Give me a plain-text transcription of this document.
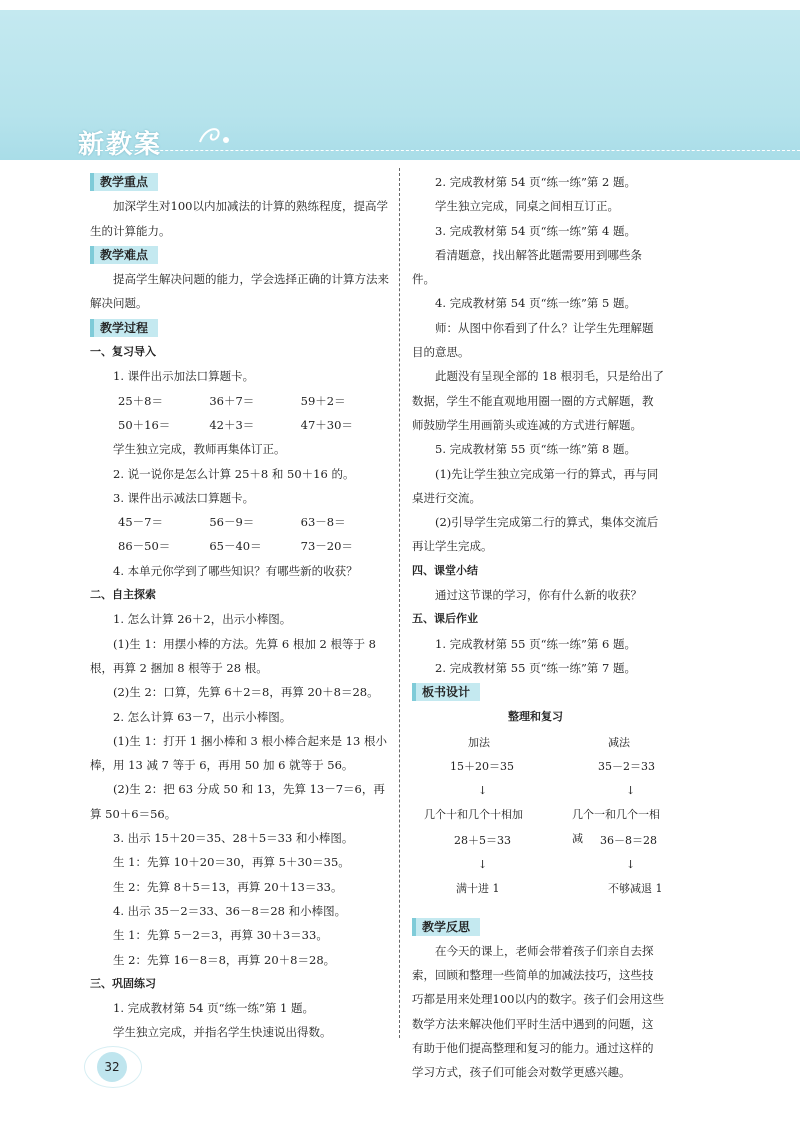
新教案
教学重点

加深学生对100以内加减法的计算的熟练程度，提高学生的计算能力。

教学难点

提高学生解决问题的能力，学会选择正确的计算方法来解决问题。

教学过程

一、复习导入

1. 课件出示加法口算题卡。

25＋8＝	36＋7＝	59＋2＝
50＋16＝	42＋3＝	47＋30＝

学生独立完成，教师再集体订正。

2. 说一说你是怎么计算 25＋8 和 50＋16 的。

3. 课件出示减法口算题卡。

45－7＝	56－9＝	63－8＝
86－50＝	65－40＝	73－20＝

4. 本单元你学到了哪些知识？有哪些新的收获？

二、自主探索

1. 怎么计算 26＋2，出示小棒图。

(1)生 1：用摆小棒的方法。先算 6 根加 2 根等于 8 根，再算 2 捆加 8 根等于 28 根。

(2)生 2：口算，先算 6＋2＝8，再算 20＋8＝28。

2. 怎么计算 63－7，出示小棒图。

(1)生 1：打开 1 捆小棒和 3 根小棒合起来是 13 根小棒，用 13 减 7 等于 6，再用 50 加 6 就等于 56。

(2)生 2：把 63 分成 50 和 13，先算 13－7＝6，再算 50＋6＝56。

3. 出示 15＋20＝35、28＋5＝33 和小棒图。

生 1：先算 10＋20＝30，再算 5＋30＝35。

生 2：先算 8＋5＝13，再算 20＋13＝33。

4. 出示 35－2＝33、36－8＝28 和小棒图。

生 1：先算 5－2＝3，再算 30＋3＝33。

生 2：先算 16－8＝8，再算 20＋8＝28。

三、巩固练习

1. 完成教材第 54 页“练一练”第 1 题。

学生独立完成，并指名学生快速说出得数。

2. 完成教材第 54 页“练一练”第 2 题。

学生独立完成，同桌之间相互订正。

3. 完成教材第 54 页“练一练”第 4 题。

看清题意，找出解答此题需要用到哪些条件。

4. 完成教材第 54 页“练一练”第 5 题。

师：从图中你看到了什么？让学生先理解题目的意思。

此题没有呈现全部的 18 根羽毛，只是给出了数据，学生不能直观地用圈一圈的方式解题，教师鼓励学生用画箭头或连减的方式进行解题。

5. 完成教材第 55 页“练一练”第 8 题。

(1)先让学生独立完成第一行的算式，再与同桌进行交流。

(2)引导学生完成第二行的算式，集体交流后再让学生完成。

四、课堂小结

通过这节课的学习，你有什么新的收获？

五、课后作业

1. 完成教材第 55 页“练一练”第 6 题。

2. 完成教材第 55 页“练一练”第 7 题。

板书设计
整理和复习
加法	减法
15＋20＝35	35－2＝33
↓	↓
几个十和几个十相加	几个一和几个一相减
28＋5＝33	36－8＝28
↓	↓
满十进 1	不够减退 1
教学反思

在今天的课上，老师会带着孩子们亲自去探索，回顾和整理一些简单的加减法技巧，这些技巧都是用来处理100以内的数字。孩子们会用这些数学方法来解决他们平时生活中遇到的问题，这有助于他们提高整理和复习的能力。通过这样的学习方式，孩子们可能会对数学更感兴趣。

32
